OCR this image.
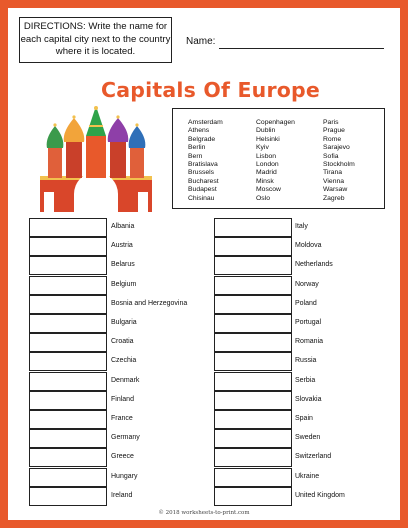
DIRECTIONS: Write the name for each capital city next to the country where it is located.
Name:
Capitals Of Europe
Amsterdam
Athens
Belgrade
Berlin
Bern
Bratislava
Brussels
Bucharest
Budapest
Chisinau
Copenhagen
Dublin
Helsinki
Kyiv
Lisbon
London
Madrid
Minsk
Moscow
Oslo
Paris
Prague
Rome
Sarajevo
Sofia
Stockholm
Tirana
Vienna
Warsaw
Zagreb
Albania
Austria
Belarus
Belgium
Bosnia and Herzegovina
Bulgaria
Croatia
Czechia
Denmark
Finland
France
Germany
Greece
Hungary
Ireland
Italy
Moldova
Netherlands
Norway
Poland
Portugal
Romania
Russia
Serbia
Slovakia
Spain
Sweden
Switzerland
Ukraine
United Kingdom
© 2018 worksheets-to-print.com
